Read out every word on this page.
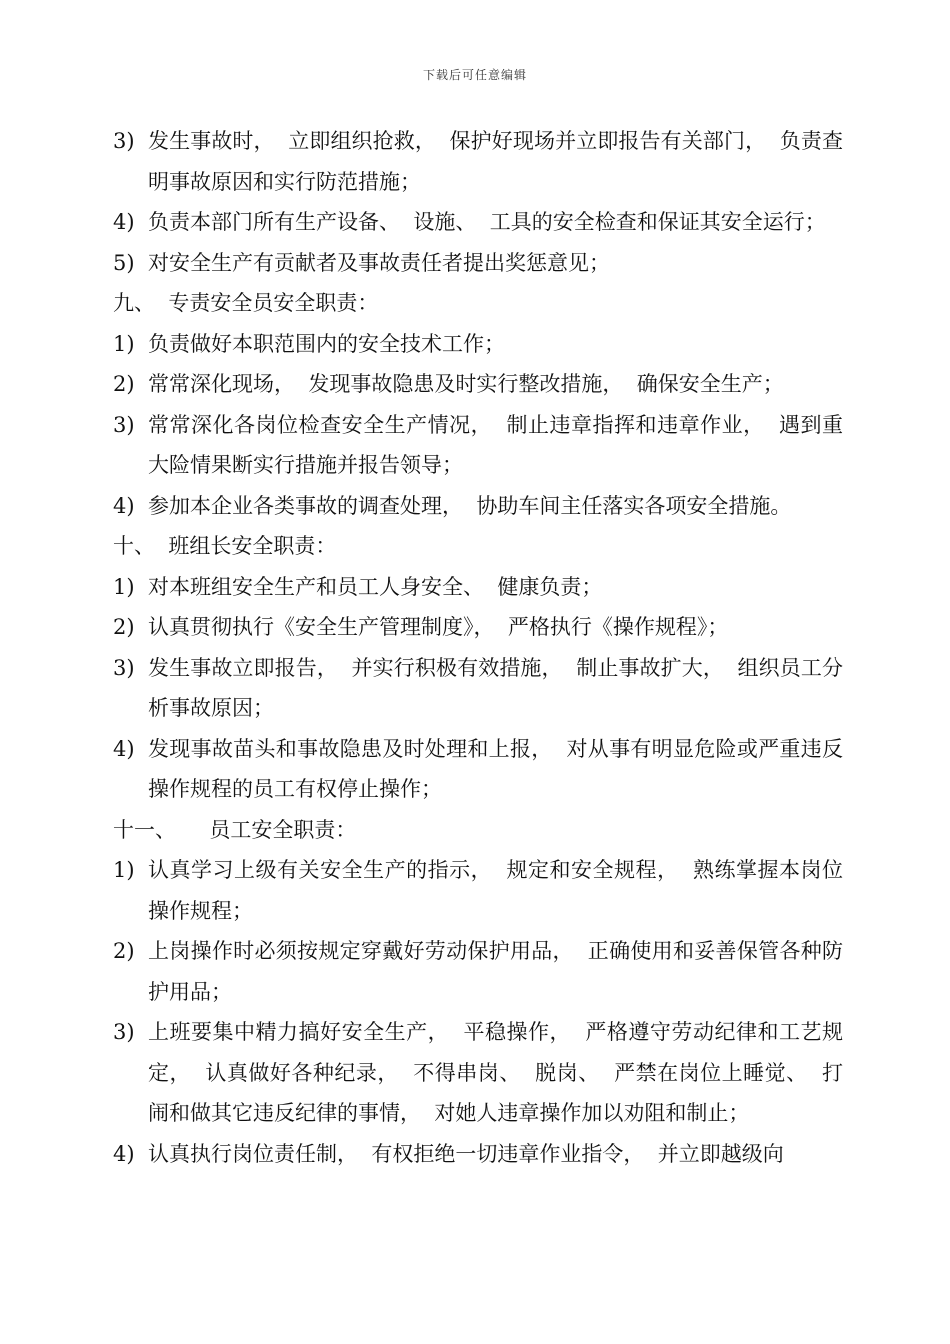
下载后可任意编辑
3) 发生事故时，  立即组织抢救，  保护好现场并立即报告有关部门，  负责查明事故原因和实行防范措施；
4) 负责本部门所有生产设备、  设施、  工具的安全检查和保证其安全运行；
5) 对安全生产有贡献者及事故责任者提出奖惩意见；
九、  专责安全员安全职责：
1) 负责做好本职范围内的安全技术工作；
2) 常常深化现场，  发现事故隐患及时实行整改措施，  确保安全生产；
3) 常常深化各岗位检查安全生产情况，  制止违章指挥和违章作业，  遇到重大险情果断实行措施并报告领导；
4) 参加本企业各类事故的调查处理，  协助车间主任落实各项安全措施。
十、  班组长安全职责：
1) 对本班组安全生产和员工人身安全、  健康负责；
2) 认真贯彻执行《安全生产管理制度》，  严格执行《操作规程》；
3) 发生事故立即报告，  并实行积极有效措施，  制止事故扩大，  组织员工分析事故原因；
4) 发现事故苗头和事故隐患及时处理和上报，  对从事有明显危险或严重违反操作规程的员工有权停止操作；
十一、     员工安全职责：
1) 认真学习上级有关安全生产的指示，  规定和安全规程，  熟练掌握本岗位操作规程；
2) 上岗操作时必须按规定穿戴好劳动保护用品，  正确使用和妥善保管各种防护用品；
3) 上班要集中精力搞好安全生产，  平稳操作，  严格遵守劳动纪律和工艺规定，  认真做好各种纪录，  不得串岗、  脱岗、  严禁在岗位上睡觉、  打闹和做其它违反纪律的事情，  对她人违章操作加以劝阻和制止；
4) 认真执行岗位责任制，  有权拒绝一切违章作业指令，  并立即越级向
